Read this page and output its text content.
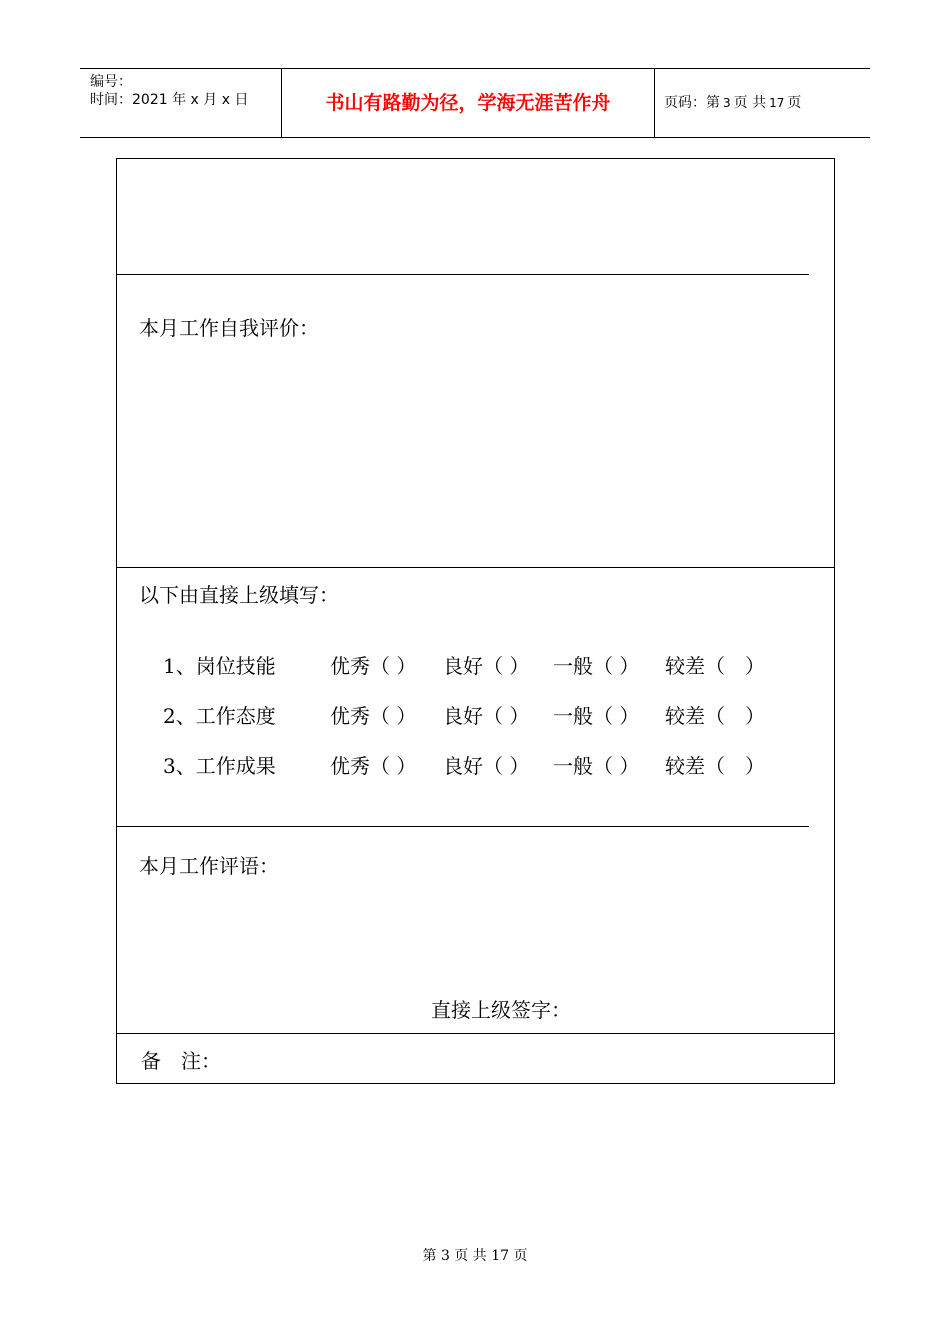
编号：
时间：2021 年 x 月 x 日	书山有路勤为径，学海无涯苦作舟	页码：第 3 页 共 17 页
本月工作自我评价：
以下由直接上级填写：
1、岗位技能	优秀（ ） 良好（ ） 一般（ ） 较差（　）
2、工作态度	优秀（ ） 良好（ ） 一般（ ） 较差（　）
3、工作成果	优秀（ ） 良好（ ） 一般（ ） 较差（　）
本月工作评语：
直接上级签字：
备　注：
第 3 页 共 17 页
